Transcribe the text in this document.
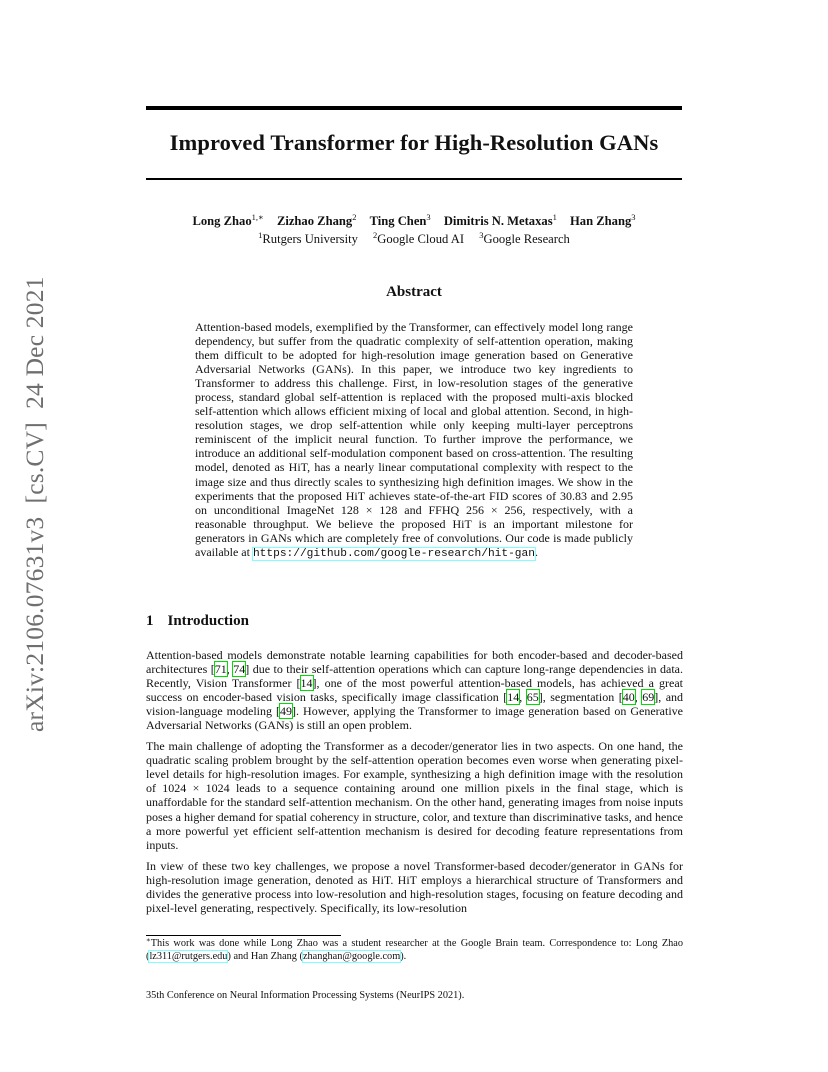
arXiv:2106.07631v3  [cs.CV]  24 Dec 2021
Improved Transformer for High-Resolution GANs
Long Zhao$^{1,∗}$ Zizhao Zhang$^2$ Ting Chen$^3$ Dimitris N. Metaxas$^1$ Han Zhang$^3$
$^1$Rutgers University $^2$Google Cloud AI $^3$Google Research
Abstract
Attention-based models, exemplified by the Transformer, can effectively model long range dependency, but suffer from the quadratic complexity of self-attention operation, making them difficult to be adopted for high-resolution image generation based on Generative Adversarial Networks (GANs). In this paper, we introduce two key ingredients to Transformer to address this challenge. First, in low-resolution stages of the generative process, standard global self-attention is replaced with the proposed multi-axis blocked self-attention which allows efficient mixing of local and global attention. Second, in high-resolution stages, we drop self-attention while only keeping multi-layer perceptrons reminiscent of the implicit neural function. To further improve the performance, we introduce an additional self-modulation component based on cross-attention. The resulting model, denoted as HiT, has a nearly linear computational complexity with respect to the image size and thus directly scales to synthesizing high definition images. We show in the experiments that the proposed HiT achieves state-of-the-art FID scores of 30.83 and 2.95 on unconditional ImageNet 128 × 128 and FFHQ 256 × 256, respectively, with a reasonable throughput. We believe the proposed HiT is an important milestone for generators in GANs which are completely free of convolutions. Our code is made publicly available at https://github.com/google-research/hit-gan.
1 Introduction

Attention-based models demonstrate notable learning capabilities for both encoder-based and decoder-based architectures [71, 74] due to their self-attention operations which can capture long-range dependencies in data. Recently, Vision Transformer [14], one of the most powerful attention-based models, has achieved a great success on encoder-based vision tasks, specifically image classification [14, 65], segmentation [40, 69], and vision-language modeling [49]. However, applying the Transformer to image generation based on Generative Adversarial Networks (GANs) is still an open problem.

The main challenge of adopting the Transformer as a decoder/generator lies in two aspects. On one hand, the quadratic scaling problem brought by the self-attention operation becomes even worse when generating pixel-level details for high-resolution images. For example, synthesizing a high definition image with the resolution of 1024 × 1024 leads to a sequence containing around one million pixels in the final stage, which is unaffordable for the standard self-attention mechanism. On the other hand, generating images from noise inputs poses a higher demand for spatial coherency in structure, color, and texture than discriminative tasks, and hence a more powerful yet efficient self-attention mechanism is desired for decoding feature representations from inputs.

In view of these two key challenges, we propose a novel Transformer-based decoder/generator in GANs for high-resolution image generation, denoted as HiT. HiT employs a hierarchical structure of Transformers and divides the generative process into low-resolution and high-resolution stages, focusing on feature decoding and pixel-level generating, respectively. Specifically, its low-resolution

∗This work was done while Long Zhao was a student researcher at the Google Brain team. Correspondence to: Long Zhao (lz311@rutgers.edu) and Han Zhang (zhanghan@google.com).
35th Conference on Neural Information Processing Systems (NeurIPS 2021).
